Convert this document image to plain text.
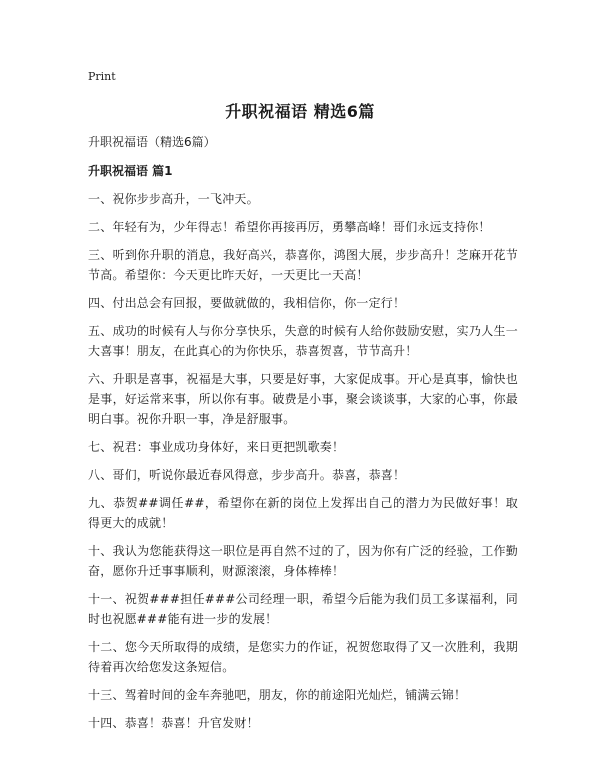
Print
升职祝福语 精选6篇
升职祝福语（精选6篇）
升职祝福语 篇1
一、祝你步步高升，一飞冲天。
二、年轻有为，少年得志！希望你再接再厉，勇攀高峰！哥们永远支持你！
三、听到你升职的消息，我好高兴，恭喜你，鸿图大展，步步高升！芝麻开花节节高。希望你：今天更比昨天好，一天更比一天高！
四、付出总会有回报，要做就做的，我相信你，你一定行！
五、成功的时候有人与你分享快乐，失意的时候有人给你鼓励安慰，实乃人生一大喜事！朋友，在此真心的为你快乐，恭喜贺喜，节节高升！
六、升职是喜事，祝福是大事，只要是好事，大家促成事。开心是真事，愉快也是事，好运常来事，所以你有事。破费是小事，聚会谈谈事，大家的心事，你最明白事。祝你升职一事，净是舒服事。
七、祝君：事业成功身体好，来日更把凯歌奏！
八、哥们，听说你最近春风得意，步步高升。恭喜，恭喜！
九、恭贺##调任##，希望你在新的岗位上发挥出自己的潜力为民做好事！取得更大的成就！
十、我认为您能获得这一职位是再自然不过的了，因为你有广泛的经验，工作勤奋，愿你升迁事事顺利，财源滚滚，身体棒棒！
十一、祝贺###担任###公司经理一职，希望今后能为我们员工多谋福利，同时也祝愿###能有进一步的发展！
十二、您今天所取得的成绩，是您实力的作证，祝贺您取得了又一次胜利，我期待着再次给您发这条短信。
十三、驾着时间的金车奔驰吧，朋友，你的前途阳光灿烂，铺满云锦！
十四、恭喜！恭喜！升官发财！
